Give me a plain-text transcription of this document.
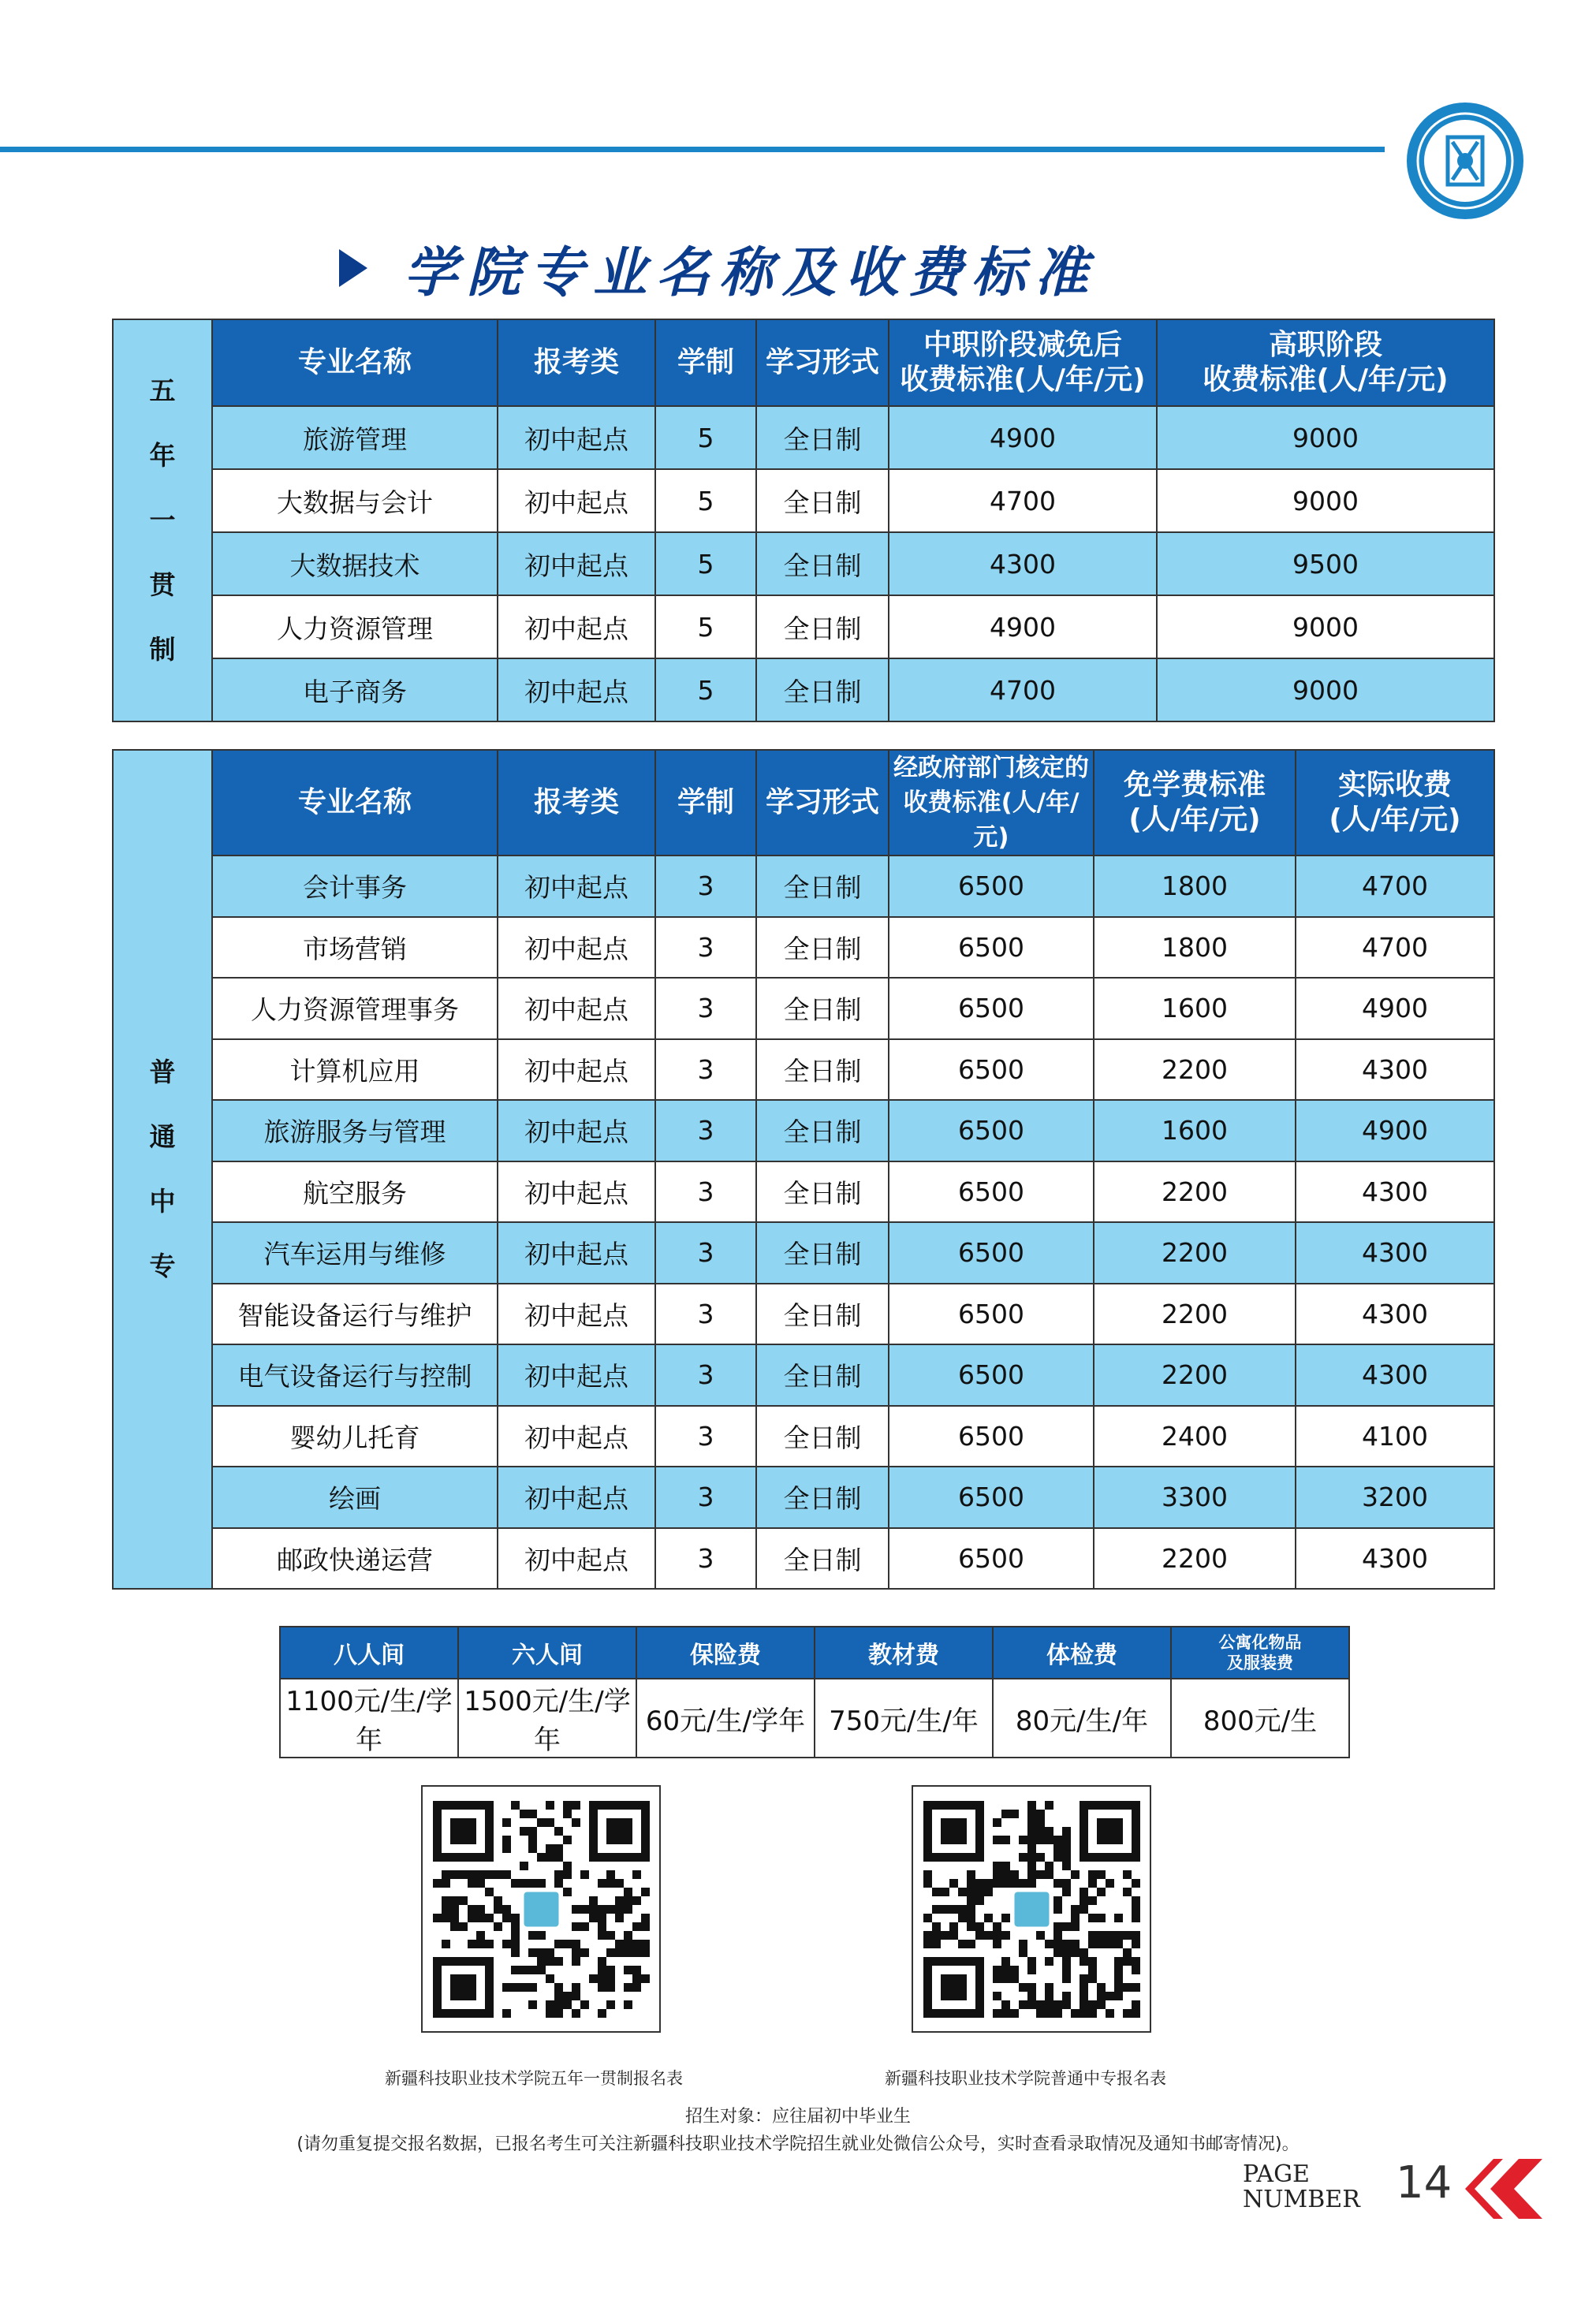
学院专业名称及收费标准
五
年
一
贯
制	专业名称	报考类	学制	学习形式	中职阶段减免后
收费标准(人/年/元)	高职阶段
收费标准(人/年/元)
	旅游管理	初中起点	5	全日制	4900	9000
	大数据与会计	初中起点	5	全日制	4700	9000
	大数据技术	初中起点	5	全日制	4300	9500
	人力资源管理	初中起点	5	全日制	4900	9000
	电子商务	初中起点	5	全日制	4700	9000
普
通
中
专	专业名称	报考类	学制	学习形式	经政府部门核定的
收费标准(人/年/元)	免学费标准
(人/年/元)	实际收费
(人/年/元)
	会计事务	初中起点	3	全日制	6500	1800	4700
	市场营销	初中起点	3	全日制	6500	1800	4700
	人力资源管理事务	初中起点	3	全日制	6500	1600	4900
	计算机应用	初中起点	3	全日制	6500	2200	4300
	旅游服务与管理	初中起点	3	全日制	6500	1600	4900
	航空服务	初中起点	3	全日制	6500	2200	4300
	汽车运用与维修	初中起点	3	全日制	6500	2200	4300
	智能设备运行与维护	初中起点	3	全日制	6500	2200	4300
	电气设备运行与控制	初中起点	3	全日制	6500	2200	4300
	婴幼儿托育	初中起点	3	全日制	6500	2400	4100
	绘画	初中起点	3	全日制	6500	3300	3200
	邮政快递运营	初中起点	3	全日制	6500	2200	4300
八人间	六人间	保险费	教材费	体检费	公寓化物品
及服装费
1100元/生/学年	1500元/生/学年	60元/生/学年	750元/生/年	80元/生/年	800元/生
新疆科技职业技术学院五年一贯制报名表	新疆科技职业技术学院普通中专报名表
招生对象：应往届初中毕业生
(请勿重复提交报名数据，已报名考生可关注新疆科技职业技术学院招生就业处微信公众号，实时查看录取情况及通知书邮寄情况)。
PAGE
NUMBER 14
